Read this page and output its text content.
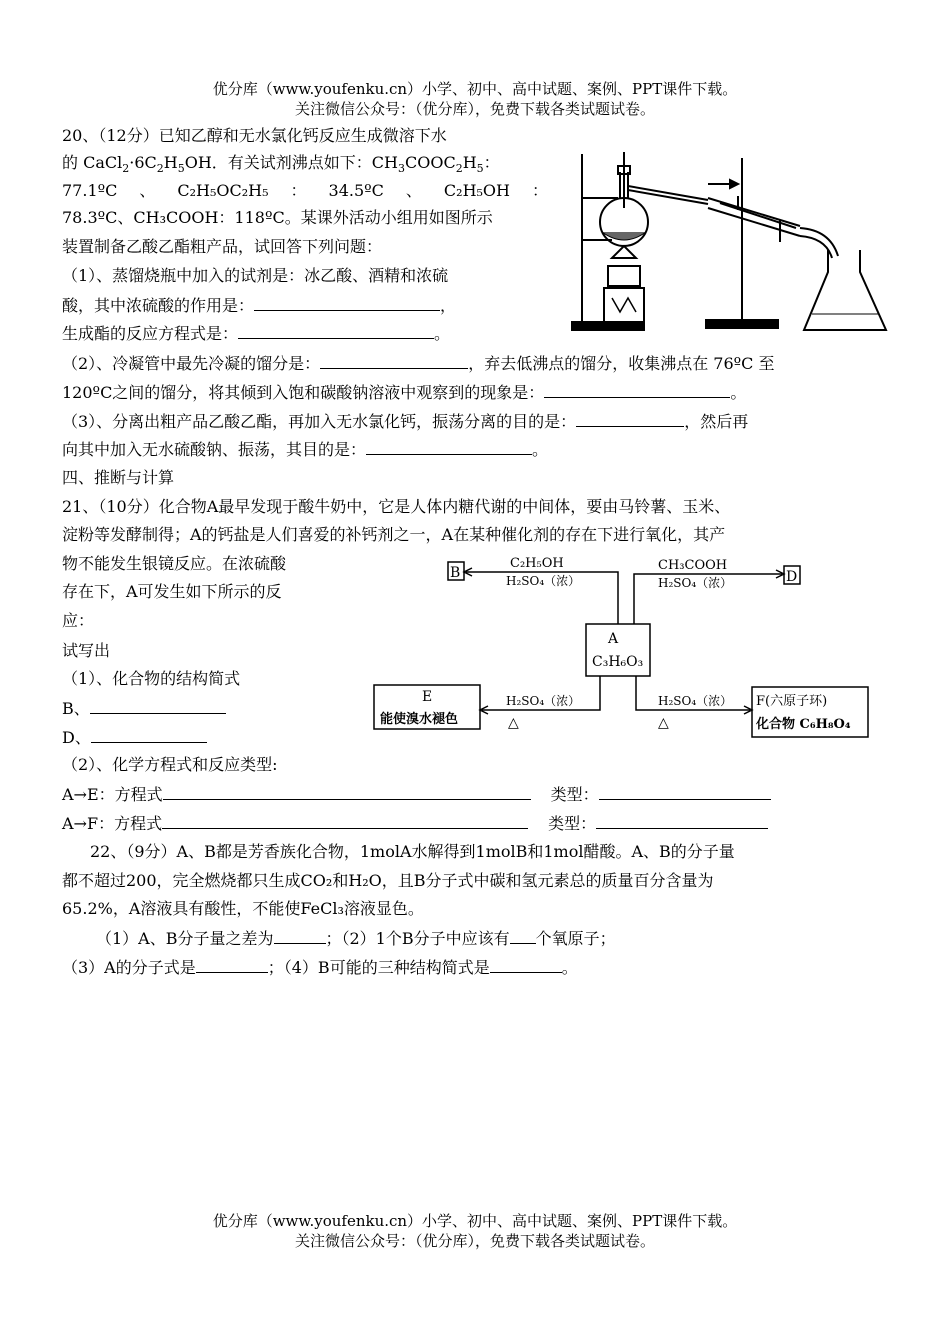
优分库（www.youfenku.cn）小学、初中、高中试题、案例、PPT课件下载。
关注微信公众号：（优分库），免费下载各类试题试卷。
20、（12分）已知乙醇和无水氯化钙反应生成微溶下水
的 $CaCl_2\cdot 6C_2H_5OH$．有关试剂沸点如下：$CH_3COOC_2H_5$：
77.1ºC 、 C₂H₅OC₂H₅ ： 34.5ºC 、 C₂H₅OH ：
78.3ºC、CH₃COOH：118ºC。某课外活动小组用如图所示
装置制备乙酸乙酯粗产品，试回答下列问题：
（1）、蒸馏烧瓶中加入的试剂是：冰乙酸、酒精和浓硫
酸，其中浓硫酸的作用是：	，
生成酯的反应方程式是：	。
（2）、冷凝管中最先冷凝的馏分是：	，弃去低沸点的馏分，收集沸点在 76ºC 至
120ºC之间的馏分，将其倾到入饱和碳酸钠溶液中观察到的现象是：	。
（3）、分离出粗产品乙酸乙酯，再加入无水氯化钙，振荡分离的目的是：	，然后再
向其中加入无水硫酸钠、振荡，其目的是：	。
四、推断与计算
21、（10分）化合物A最早发现于酸牛奶中，它是人体内糖代谢的中间体，要由马铃薯、玉米、
淀粉等发酵制得；A的钙盐是人们喜爱的补钙剂之一，A在某种催化剂的存在下进行氧化，其产
物不能发生银镜反应。在浓硫酸
存在下，A可发生如下所示的反
应：
试写出
（1）、化合物的结构简式
B、
D、
（2）、化学方程式和反应类型:
A→E：方程式	类型：
A→F：方程式	类型：
B	D
A
C₃H₆O₃
C₂H₅OH
H₂SO₄（浓）
CH₃COOH
H₂SO₄（浓）
H₂SO₄（浓）
△
H₂SO₄（浓）
△
E
能使溴水褪色
F(六原子环)
化合物 C₆H₈O₄
22、（9分）A、B都是芳香族化合物，1molA水解得到1molB和1mol醋酸。A、B的分子量
都不超过200，完全燃烧都只生成CO₂和H₂O，且B分子式中碳和氢元素总的质量百分含量为
65.2%，A溶液具有酸性，不能使FeCl₃溶液显色。
（1）A、B分子量之差为	；（2）1个B分子中应该有 个氧原子；
（3）A的分子式是	；（4）B可能的三种结构简式是	。
优分库（www.youfenku.cn）小学、初中、高中试题、案例、PPT课件下载。
关注微信公众号：（优分库），免费下载各类试题试卷。
